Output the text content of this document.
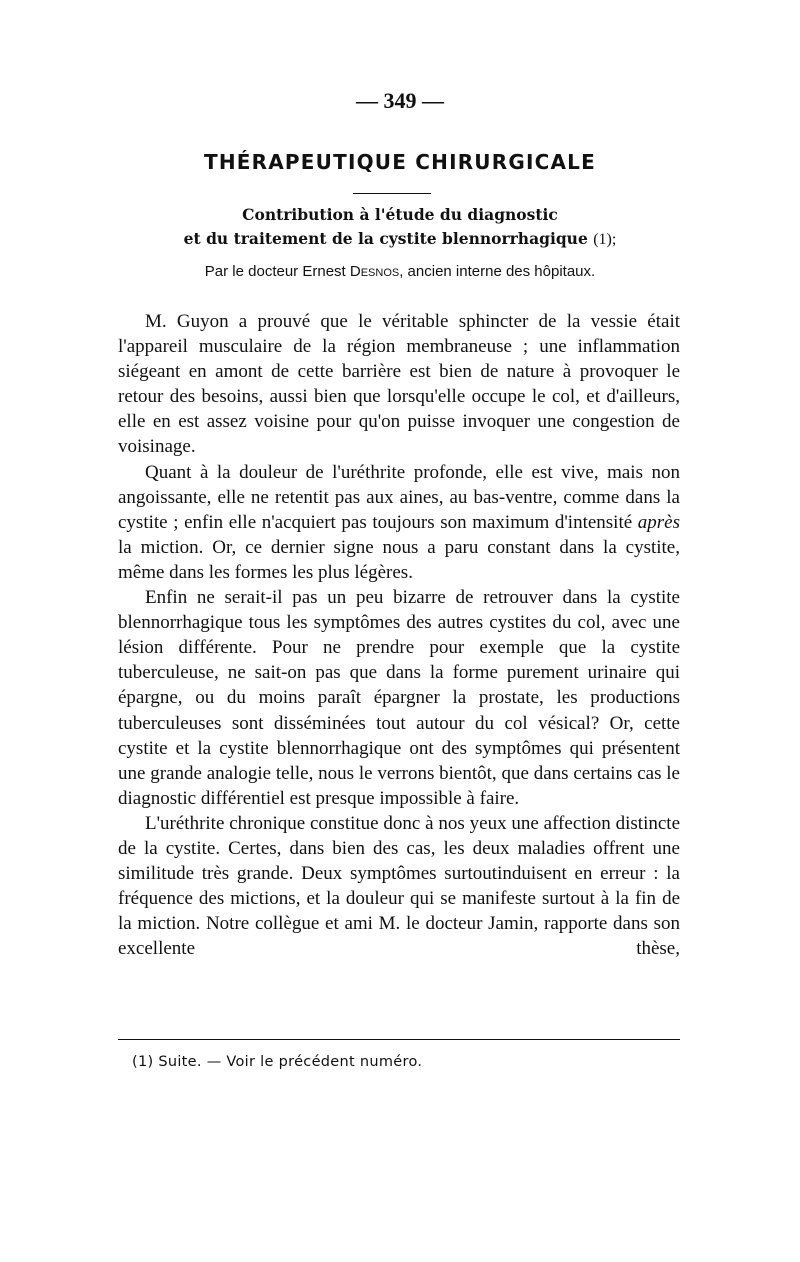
— 349 —
THÉRAPEUTIQUE CHIRURGICALE
Contribution à l'étude du diagnostic
et du traitement de la cystite blennorrhagique (1);
Par le docteur Ernest Desnos, ancien interne des hôpitaux.

M. Guyon a prouvé que le véritable sphincter de la vessie était l'appareil musculaire de la région membraneuse ; une inflammation siégeant en amont de cette barrière est bien de nature à provoquer le retour des besoins, aussi bien que lorsqu'elle occupe le col, et d'ailleurs, elle en est assez voisine pour qu'on puisse invoquer une congestion de voisinage.

Quant à la douleur de l'uréthrite profonde, elle est vive, mais non angoissante, elle ne retentit pas aux aines, au bas-ventre, comme dans la cystite ; enfin elle n'acquiert pas toujours son maximum d'intensité après la miction. Or, ce dernier signe nous a paru constant dans la cystite, même dans les formes les plus légères.

Enfin ne serait-il pas un peu bizarre de retrouver dans la cystite blennorrhagique tous les symptômes des autres cystites du col, avec une lésion différente. Pour ne prendre pour exemple que la cystite tuberculeuse, ne sait-on pas que dans la forme purement urinaire qui épargne, ou du moins paraît épargner la prostate, les productions tuberculeuses sont disséminées tout autour du col vésical? Or, cette cystite et la cystite blennorrhagique ont des symptômes qui présentent une grande analogie telle, nous le verrons bientôt, que dans certains cas le diagnostic différentiel est presque impossible à faire.

L'uréthrite chronique constitue donc à nos yeux une affection distincte de la cystite. Certes, dans bien des cas, les deux maladies offrent une similitude très grande. Deux symptômes surtoutinduisent en erreur : la fréquence des mictions, et la douleur qui se manifeste surtout à la fin de la miction. Notre collègue et ami M. le docteur Jamin, rapporte dans son excellente thèse,

(1) Suite. — Voir le précédent numéro.
